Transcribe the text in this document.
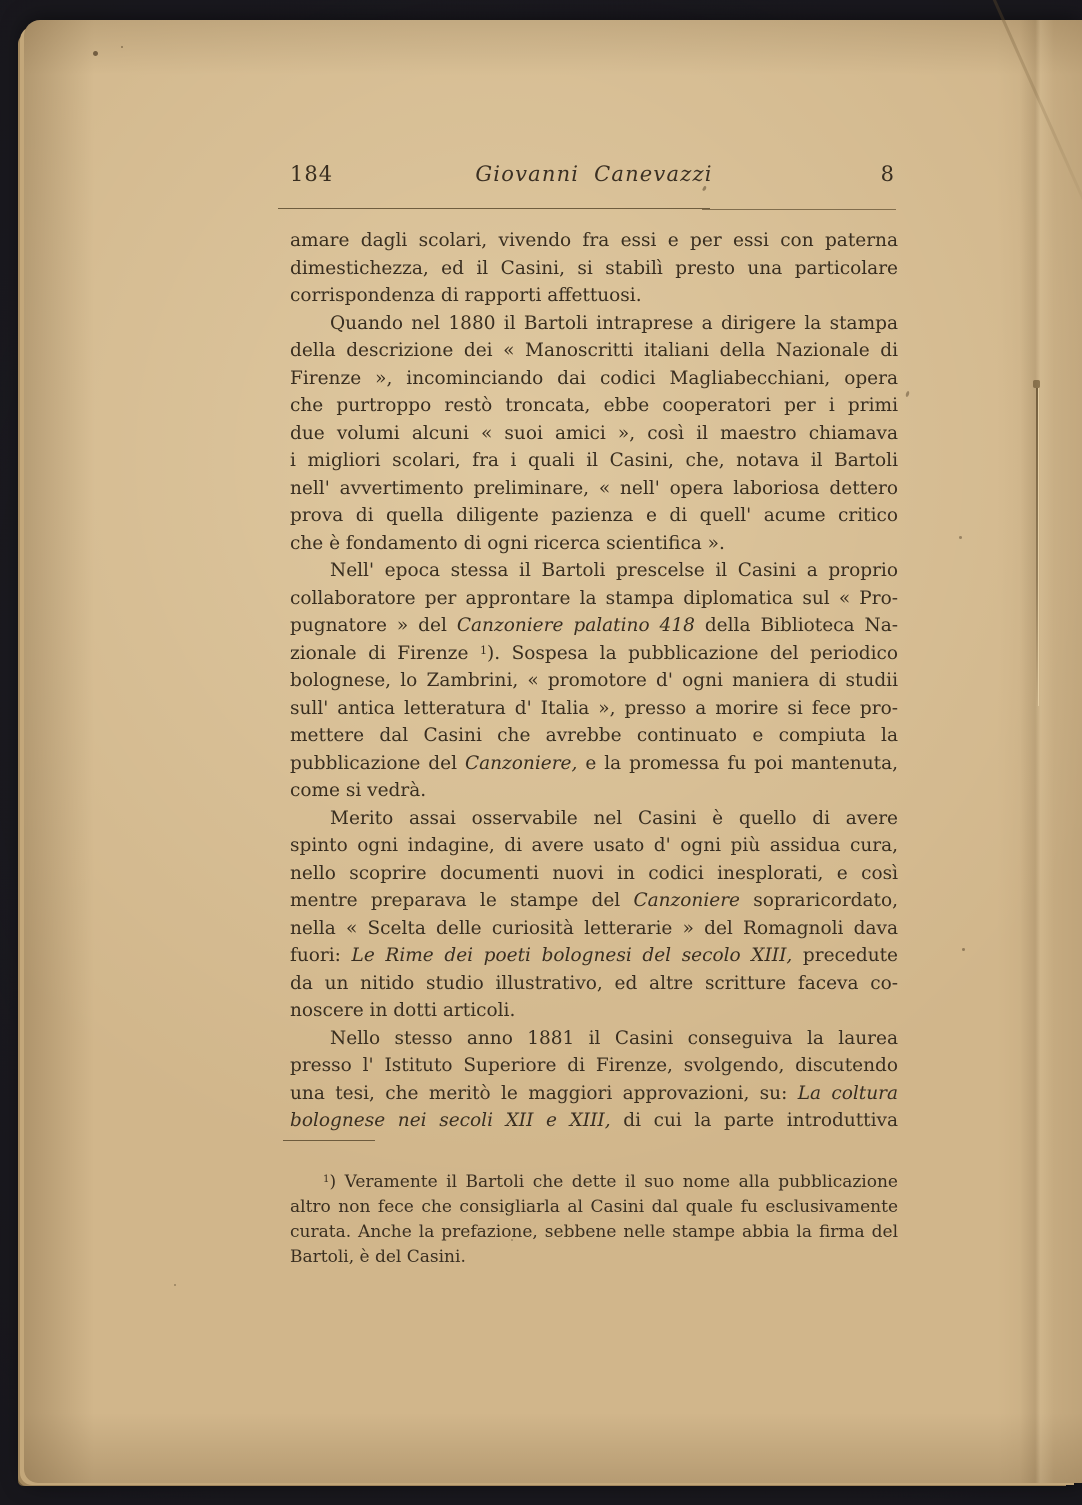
184	Giovanni Canevazzi	8
amare dagli scolari, vivendo fra essi e per essi con paterna
dimestichezza, ed il Casini, si stabilì presto una particolare
corrispondenza di rapporti affettuosi.
Quando nel 1880 il Bartoli intraprese a dirigere la stampa
della descrizione dei « Manoscritti italiani della Nazionale di
Firenze », incominciando dai codici Magliabecchiani, opera
che purtroppo restò troncata, ebbe cooperatori per i primi
due volumi alcuni « suoi amici », così il maestro chiamava
i migliori scolari, fra i quali il Casini, che, notava il Bartoli
nell' avvertimento preliminare, « nell' opera laboriosa dettero
prova di quella diligente pazienza e di quell' acume critico
che è fondamento di ogni ricerca scientifica ».
Nell' epoca stessa il Bartoli prescelse il Casini a proprio
collaboratore per approntare la stampa diplomatica sul « Pro-
pugnatore » del Canzoniere palatino 418 della Biblioteca Na-
zionale di Firenze $^1$). Sospesa la pubblicazione del periodico
bolognese, lo Zambrini, « promotore d' ogni maniera di studii
sull' antica letteratura d' Italia », presso a morire si fece pro-
mettere dal Casini che avrebbe continuato e compiuta la
pubblicazione del Canzoniere, e la promessa fu poi mantenuta,
come si vedrà.
Merito assai osservabile nel Casini è quello di avere
spinto ogni indagine, di avere usato d' ogni più assidua cura,
nello scoprire documenti nuovi in codici inesplorati, e così
mentre preparava le stampe del Canzoniere sopraricordato,
nella « Scelta delle curiosità letterarie » del Romagnoli dava
fuori: Le Rime dei poeti bolognesi del secolo XIII, precedute
da un nitido studio illustrativo, ed altre scritture faceva co-
noscere in dotti articoli.
Nello stesso anno 1881 il Casini conseguiva la laurea
presso l' Istituto Superiore di Firenze, svolgendo, discutendo
una tesi, che meritò le maggiori approvazioni, su: La coltura
bolognese nei secoli XII e XIII, di cui la parte introduttiva
$^1$) Veramente il Bartoli che dette il suo nome alla pubblicazione
altro non fece che consigliarla al Casini dal quale fu esclusivamente
curata. Anche la prefazione, sebbene nelle stampe abbia la firma del
Bartoli, è del Casini.
